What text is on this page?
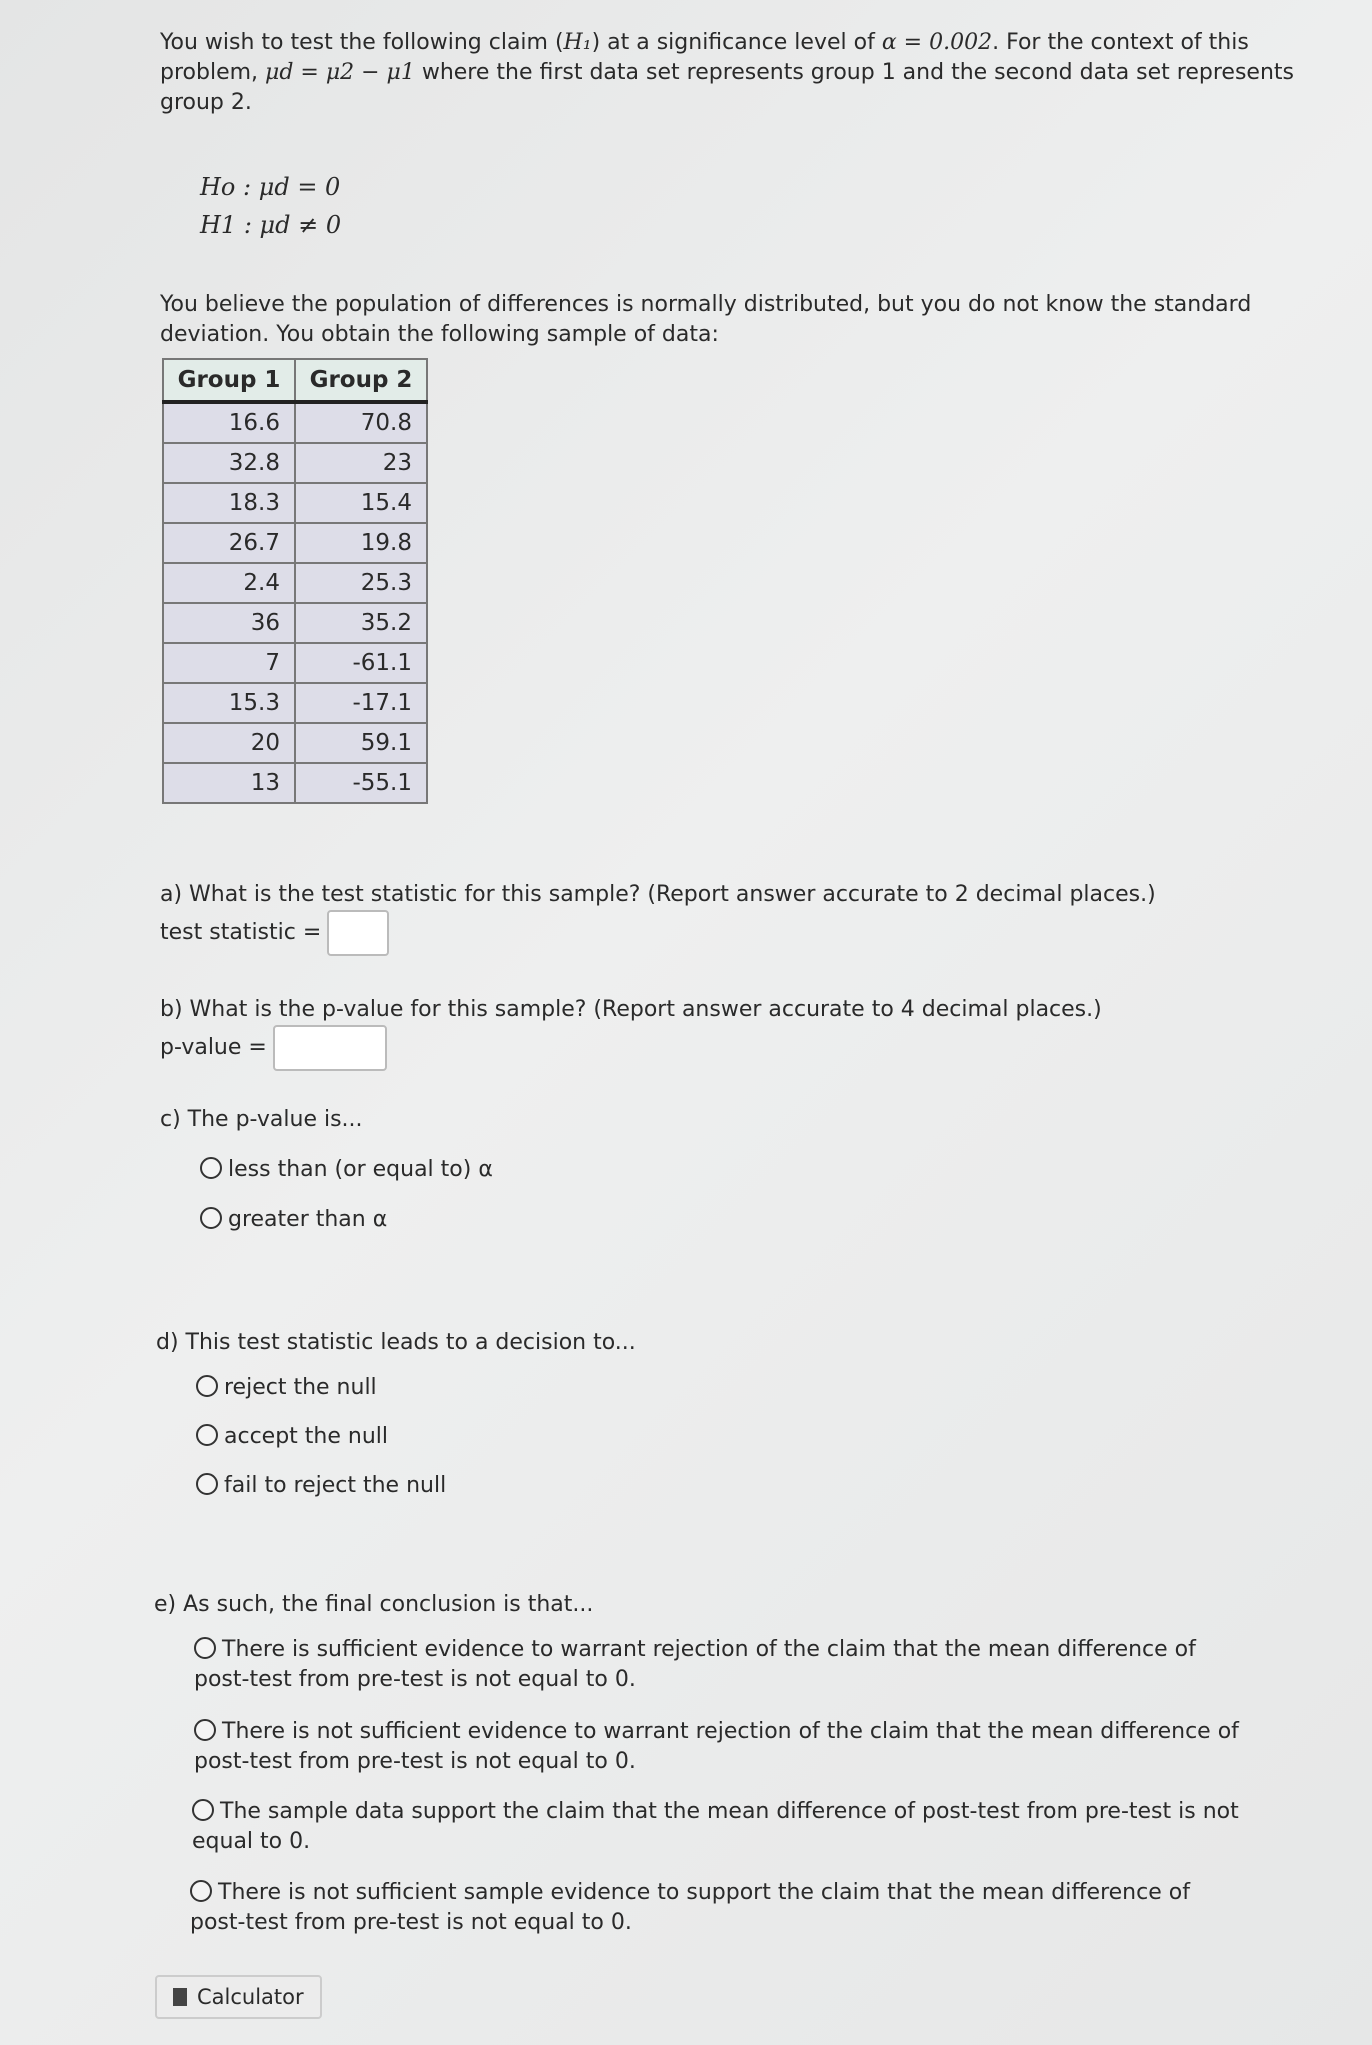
You wish to test the following claim (H₁) at a significance level of α = 0.002. For the context of this problem, μd = μ2 − μ1 where the first data set represents group 1 and the second data set represents group 2.
Ho : μd = 0
H1 : μd ≠ 0
You believe the population of differences is normally distributed, but you do not know the standard deviation. You obtain the following sample of data:
Group 1	Group 2
16.6	70.8
32.8	23
18.3	15.4
26.7	19.8
2.4	25.3
36	35.2
7	-61.1
15.3	-17.1
20	59.1
13	-55.1
a) What is the test statistic for this sample? (Report answer accurate to 2 decimal places.)
test statistic =
b) What is the p-value for this sample? (Report answer accurate to 4 decimal places.)
p-value =
c) The p-value is...
less than (or equal to) α
greater than α
d) This test statistic leads to a decision to...
reject the null
accept the null
fail to reject the null
e) As such, the final conclusion is that...
There is sufficient evidence to warrant rejection of the claim that the mean difference of post-test from pre-test is not equal to 0.
There is not sufficient evidence to warrant rejection of the claim that the mean difference of post-test from pre-test is not equal to 0.
The sample data support the claim that the mean difference of post-test from pre-test is not equal to 0.
There is not sufficient sample evidence to support the claim that the mean difference of post-test from pre-test is not equal to 0.
Calculator
